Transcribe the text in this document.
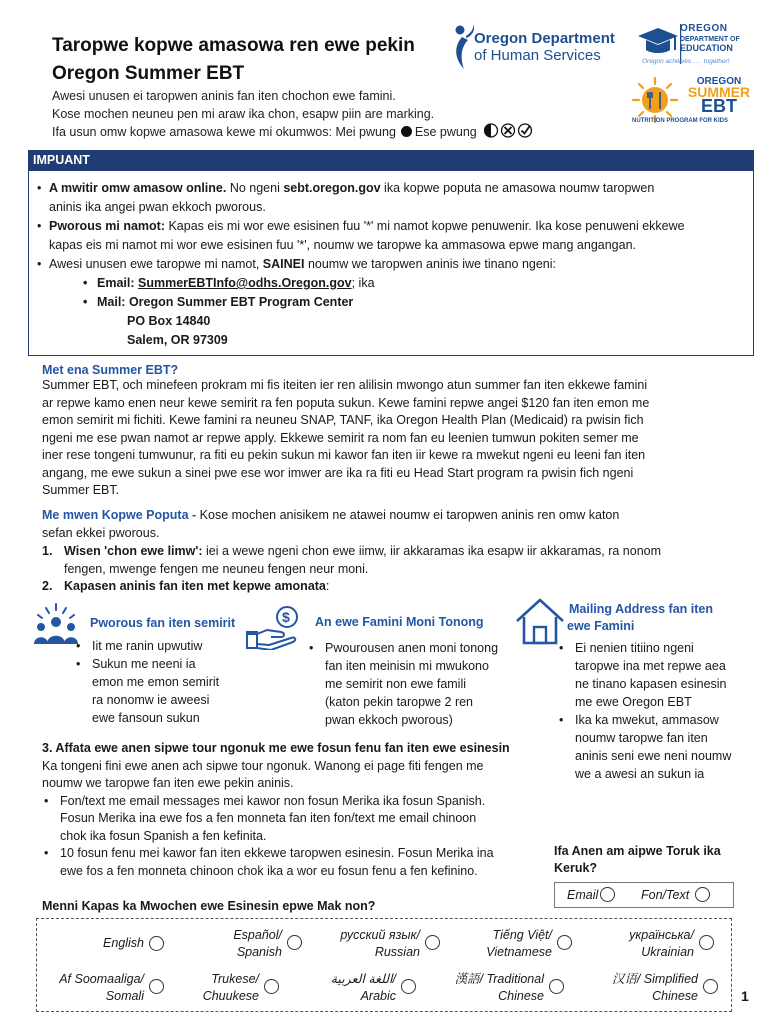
Taropwe kopwe amasowa ren ewe pekin
Oregon Summer EBT
Awesi unusen ei taropwen aninis fan iten chochon ewe famini.
Kose mochen neuneu pen mi araw ika chon, esapw piin are marking.
Ifa usun omw kopwe amasowa kewe mi okumwos: Mei pwung Ese pwung
Oregon Department
of Human Services
OREGON
DEPARTMENT OF
EDUCATION
Oregon achieves . . . together!
OREGON
SUMMER
EBT
NUTRITION PROGRAM FOR KIDS
IMPUANT
• A mwitir omw amasow online. No ngeni sebt.oregon.gov ika kopwe poputa ne amasowa noumw taropwen
aninis ika angei pwan ekkoch pworous.
• Pworous mi namot: Kapas eis mi wor ewe esisinen fuu '*' mi namot kopwe penuwenir. Ika kose penuweni ekkewe
kapas eis mi namot mi wor ewe esisinen fuu '*', noumw we taropwe ka ammasowa epwe mang angangan.
• Awesi unusen ewe taropwe mi namot, SAINEI noumw we taropwen aninis iwe tinano ngeni:
• Email: SummerEBTInfo@odhs.Oregon.gov; ika
• Mail: Oregon Summer EBT Program Center
PO Box 14840
Salem, OR 97309
Met ena Summer EBT?
Summer EBT, och minefeen prokram mi fis iteiten ier ren alilisin mwongo atun summer fan iten ekkewe famini
ar repwe kamo enen neur kewe semirit ra fen poputa sukun. Kewe famini repwe angei $120 fan iten emon me
emon semirit mi fichiti. Kewe famini ra neuneu SNAP, TANF, ika Oregon Health Plan (Medicaid) ra pwisin fich
ngeni me ese pwan namot ar repwe apply. Ekkewe semirit ra nom fan eu leenien tumwun pokiten semer me
iner rese tongeni tumwunur, ra fiti eu pekin sukun mi kawor fan iten iir kewe ra mwekut ngeni eu leeni fan iten
angang, me ewe sukun a sinei pwe ese wor imwer are ika ra fiti eu Head Start program ra pwisin fich ngeni
Summer EBT.
Me mwen Kopwe Poputa - Kose mochen anisikem ne atawei noumw ei taropwen aninis ren omw katon
sefan ekkei pworous.
1. Wisen 'chon ewe limw': iei a wewe ngeni chon ewe iimw, iir akkaramas ika esapw iir akkaramas, ra nonom
fengen, mwenge fengen me neuneu fengen neur moni.
2. Kapasen aninis fan iten met kepwe amonata:
Pworous fan iten semirit
• Iit me ranin upwutiw
• Sukun me neeni ia
emon me emon semirit
ra nonomw ie aweesi
ewe fansoun sukun
$ An ewe Famini Moni Tonong
• Pwourousen anen moni tonong
fan iten meinisin mi mwukono
me semirit non ewe famili
(katon pekin taropwe 2 ren
pwan ekkoch pworous)
Mailing Address fan iten
ewe Famini
• Ei nenien titiino ngeni
taropwe ina met repwe aea
ne tinano kapasen esinesin
me ewe Oregon EBT
• Ika ka mwekut, ammasow
noumw taropwe fan iten
aninis seni ewe neni noumw
we a awesi an sukun ia
3. Affata ewe anen sipwe tour ngonuk me ewe fosun fenu fan iten ewe esinesin
Ka tongeni fini ewe anen ach sipwe tour ngonuk. Wanong ei page fiti fengen me
noumw we taropwe fan iten ewe pekin aninis.
• Fon/text me email messages mei kawor non fosun Merika ika fosun Spanish.
Fosun Merika ina ewe fos a fen monneta fan iten fon/text me email chinoon
chok ika fosun Spanish a fen kefinita.
• 10 fosun fenu mei kawor fan iten ekkewe taropwen esinesin. Fosun Merika ina
ewe fos a fen monneta chinoon chok ika a wor eu fosun fenu a fen kefinino.
Ifa Anen am aipwe Toruk ika
Keruk?
Email	Fon/Text
Menni Kapas ka Mwochen ewe Esinesin epwe Mak non?
English
Español/
Spanish
русский язык/
Russian
Tiếng Việt/
Vietnamese
українська/
Ukrainian
Af Soomaaliga/
Somali
Trukese/
Chuukese
اللغة العربية/
Arabic
漢語/ Traditional
Chinese
汉语/ Simplified
Chinese	1
